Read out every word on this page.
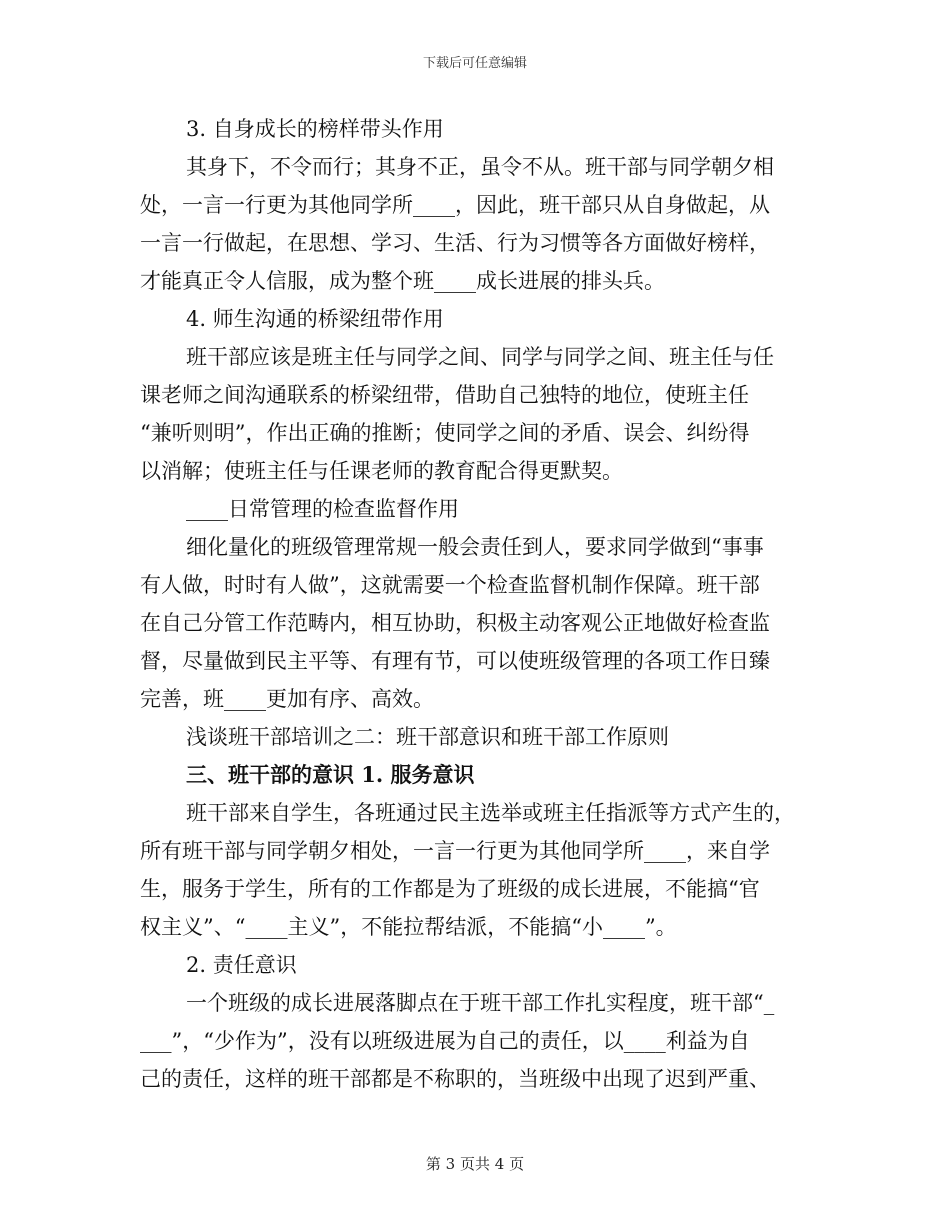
下载后可任意编辑
3. 自身成长的榜样带头作用
其身下，不令而行；其身不正，虽令不从。班干部与同学朝夕相
处，一言一行更为其他同学所____，因此，班干部只从自身做起，从
一言一行做起，在思想、学习、生活、行为习惯等各方面做好榜样，
才能真正令人信服，成为整个班____成长进展的排头兵。
4. 师生沟通的桥梁纽带作用
班干部应该是班主任与同学之间、同学与同学之间、班主任与任
课老师之间沟通联系的桥梁纽带，借助自己独特的地位，使班主任
“兼听则明”，作出正确的推断；使同学之间的矛盾、误会、纠纷得
以消解；使班主任与任课老师的教育配合得更默契。
____日常管理的检查监督作用
细化量化的班级管理常规一般会责任到人，要求同学做到“事事
有人做，时时有人做”，这就需要一个检查监督机制作保障。班干部
在自己分管工作范畴内，相互协助，积极主动客观公正地做好检查监
督，尽量做到民主平等、有理有节，可以使班级管理的各项工作日臻
完善，班____更加有序、高效。
浅谈班干部培训之二：班干部意识和班干部工作原则
三、班干部的意识 1. 服务意识
班干部来自学生，各班通过民主选举或班主任指派等方式产生的，
所有班干部与同学朝夕相处，一言一行更为其他同学所____，来自学
生，服务于学生，所有的工作都是为了班级的成长进展，不能搞“官
权主义”、“____主义”，不能拉帮结派，不能搞“小____”。
2. 责任意识
一个班级的成长进展落脚点在于班干部工作扎实程度，班干部“_
___”，“少作为”，没有以班级进展为自己的责任，以____利益为自
己的责任，这样的班干部都是不称职的，当班级中出现了迟到严重、
第 3 页共 4 页
